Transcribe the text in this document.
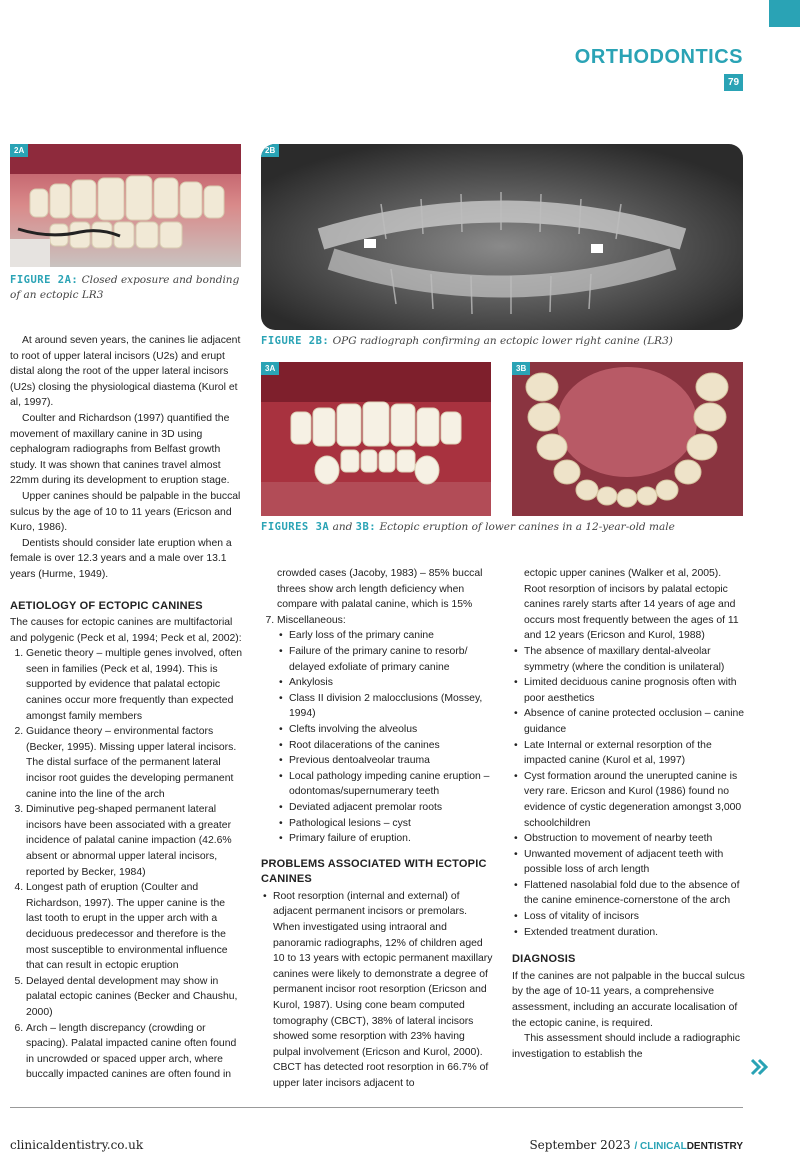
ORTHODONTICS
79
2A
FIGURE 2A: Closed exposure and bonding of an ectopic LR3
2B
FIGURE 2B: OPG radiograph confirming an ectopic lower right canine (LR3)
3A	3B
FIGURES 3A and 3B: Ectopic eruption of lower canines in a 12-year-old male

At around seven years, the canines lie adjacent to root of upper lateral incisors (U2s) and erupt distal along the root of the upper lateral incisors (U2s) closing the physiological diastema (Kurol et al, 1997).

Coulter and Richardson (1997) quantified the movement of maxillary canine in 3D using cephalogram radiographs from Belfast growth study. It was shown that canines travel almost 22mm during its development to eruption stage.

Upper canines should be palpable in the buccal sulcus by the age of 10 to 11 years (Ericson and Kuro, 1986).

Dentists should consider late eruption when a female is over 12.3 years and a male over 13.1 years (Hurme, 1949).

AETIOLOGY OF ECTOPIC CANINES

The causes for ectopic canines are multifactorial and polygenic (Peck et al, 1994; Peck et al, 2002):

1. Genetic theory – multiple genes involved, often seen in families (Peck et al, 1994). This is supported by evidence that palatal ectopic canines occur more frequently than expected amongst family members
2. Guidance theory – environmental factors (Becker, 1995). Missing upper lateral incisors. The distal surface of the permanent lateral incisor root guides the developing permanent canine into the line of the arch
3. Diminutive peg-shaped permanent lateral incisors have been associated with a greater incidence of palatal canine impaction (42.6% absent or abnormal upper lateral incisors, reported by Becker, 1984)
4. Longest path of eruption (Coulter and Richardson, 1997). The upper canine is the last tooth to erupt in the upper arch with a deciduous predecessor and therefore is the most susceptible to environmental influence that can result in ectopic eruption
5. Delayed dental development may show in palatal ectopic canines (Becker and Chaushu, 2000)
6. Arch – length discrepancy (crowding or spacing). Palatal impacted canine often found in uncrowded or spaced upper arch, where buccally impacted canines are often found in
crowded cases (Jacoby, 1983) – 85% buccal threes show arch length deficiency when compare with palatal canine, which is 15%
7. Miscellaneous:
• Early loss of the primary canine
• Failure of the primary canine to resorb/ delayed exfoliate of primary canine
• Ankylosis
• Class II division 2 malocclusions (Mossey, 1994)
• Clefts involving the alveolus
• Root dilacerations of the canines
• Previous dentoalveolar trauma
• Local pathology impeding canine eruption – odontomas/supernumerary teeth
• Deviated adjacent premolar roots
• Pathological lesions – cyst
• Primary failure of eruption.
PROBLEMS ASSOCIATED WITH ECTOPIC CANINES
• Root resorption (internal and external) of adjacent permanent incisors or premolars. When investigated using intraoral and panoramic radiographs, 12% of children aged 10 to 13 years with ectopic permanent maxillary canines were likely to demonstrate a degree of permanent incisor root resorption (Ericson and Kurol, 1987). Using cone beam computed tomography (CBCT), 38% of lateral incisors showed some resorption with 23% having pulpal involvement (Ericson and Kurol, 2000). CBCT has detected root resorption in 66.7% of upper later incisors adjacent to
ectopic upper canines (Walker et al, 2005). Root resorption of incisors by palatal ectopic canines rarely starts after 14 years of age and occurs most frequently between the ages of 11 and 12 years (Ericson and Kurol, 1988)
• The absence of maxillary dental-alveolar symmetry (where the condition is unilateral)
• Limited deciduous canine prognosis often with poor aesthetics
• Absence of canine protected occlusion – canine guidance
• Late Internal or external resorption of the impacted canine (Kurol et al, 1997)
• Cyst formation around the unerupted canine is very rare. Ericson and Kurol (1986) found no evidence of cystic degeneration amongst 3,000 schoolchildren
• Obstruction to movement of nearby teeth
• Unwanted movement of adjacent teeth with possible loss of arch length
• Flattened nasolabial fold due to the absence of the canine eminence-cornerstone of the arch
• Loss of vitality of incisors
• Extended treatment duration.
DIAGNOSIS

If the canines are not palpable in the buccal sulcus by the age of 10-11 years, a comprehensive assessment, including an accurate localisation of the ectopic canine, is required.

This assessment should include a radiographic investigation to establish the

clinicaldentistry.co.uk	September 2023 / CLINICALDENTISTRY
